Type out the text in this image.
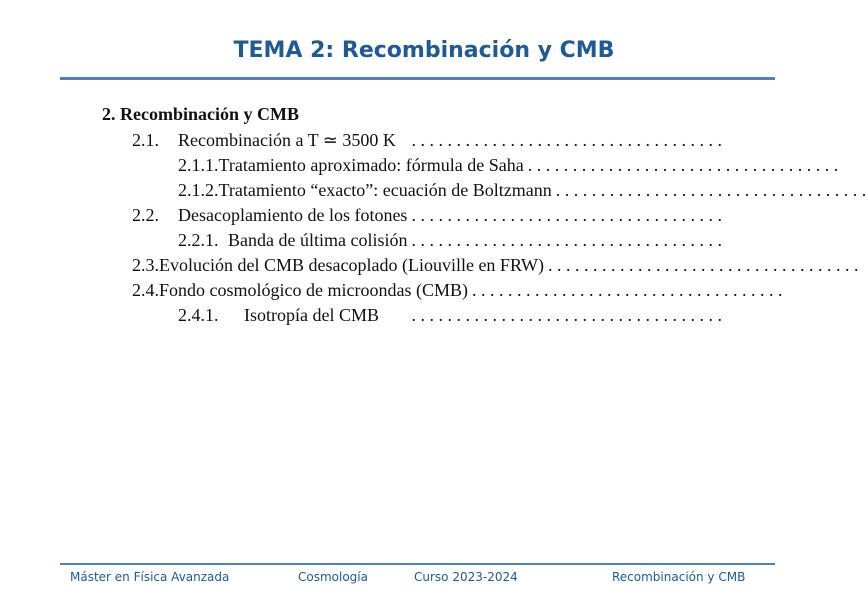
TEMA 2: Recombinación y CMB
2. Recombinación y CMB
2.1.	Recombinación a T ≃ 3500 K . . . . . . . . . . . . . . . . . . . . . . . . . . . . . . . . . . .
2.1.1. Tratamiento aproximado: fórmula de Saha . . . . . . . . . . . . . . . . . . . . . . . . . . . . . . . . . . .
2.1.2. Tratamiento “exacto”: ecuación de Boltzmann . . . . . . . . . . . . . . . . . . . . . . . . . . . . . . . . . . .
2.2.	Desacoplamiento de los fotones . . . . . . . . . . . . . . . . . . . . . . . . . . . . . . . . . . .
2.2.1. Banda de última colisión . . . . . . . . . . . . . . . . . . . . . . . . . . . . . . . . . . .
2.3. Evolución del CMB desacoplado (Liouville en FRW) . . . . . . . . . . . . . . . . . . . . . . . . . . . . . . . . . . .
2.4. Fondo cosmológico de microondas (CMB) . . . . . . . . . . . . . . . . . . . . . . . . . . . . . . . . . . .
2.4.1.	Isotropía del CMB	. . . . . . . . . . . . . . . . . . . . . . . . . . . . . . . . . . .
Máster en Física Avanzada	Cosmología	Curso 2023-2024	Recombinación y CMB
